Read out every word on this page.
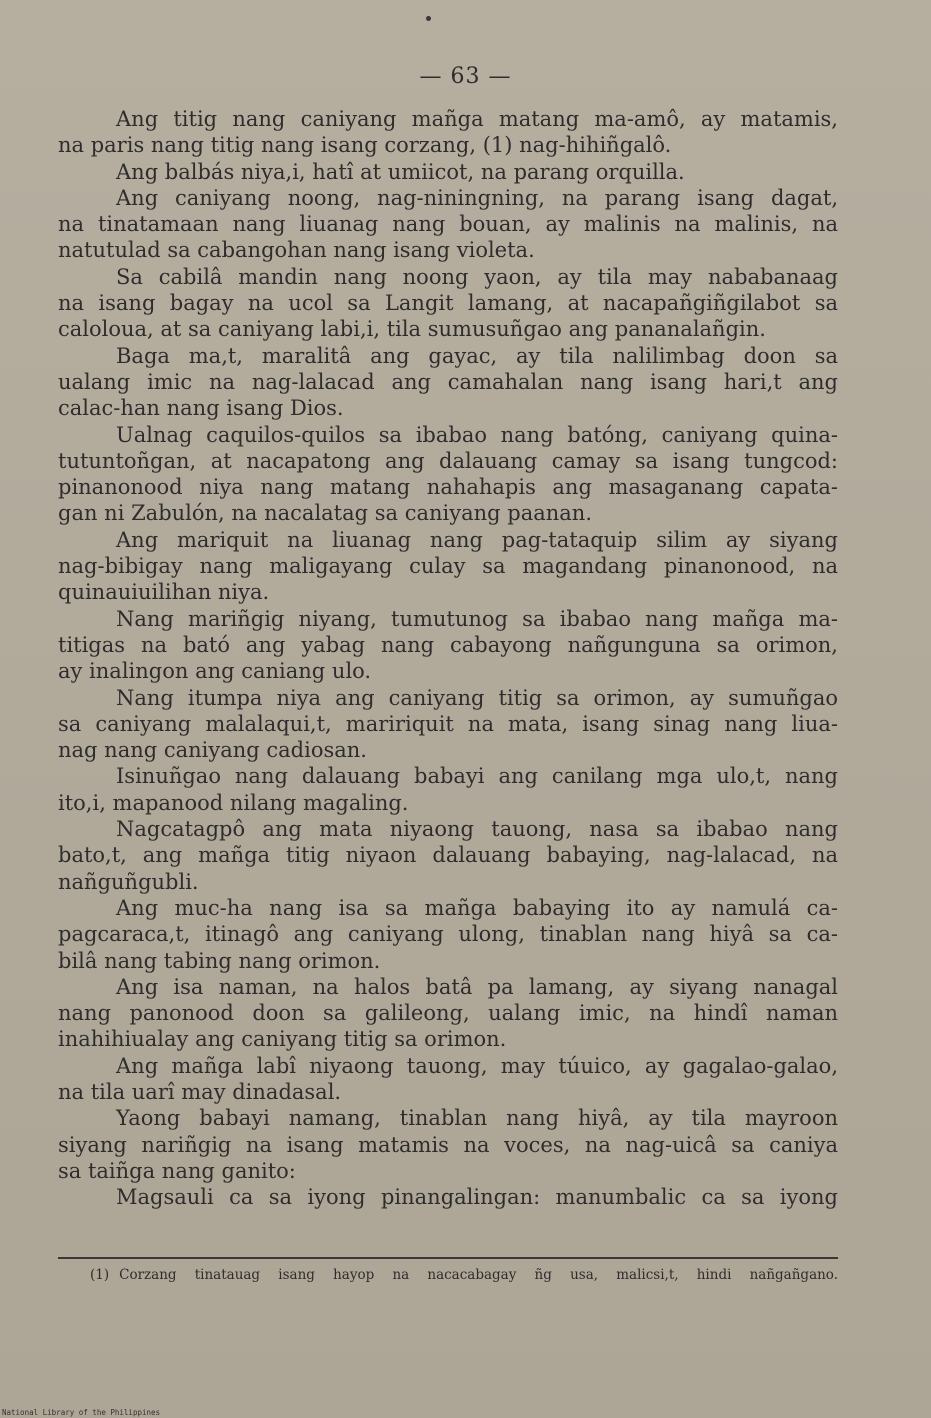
— 63 —
Ang titig nang caniyang mañga matang ma-amô, ay matamis,
na paris nang titig nang isang corzang, (1) nag-hihiñgalô.
Ang balbás niya,i, hatî at umiicot, na parang orquilla.
Ang caniyang noong, nag-niningning, na parang isang dagat,
na tinatamaan nang liuanag nang bouan, ay malinis na malinis, na
natutulad sa cabangohan nang isang violeta.
Sa cabilâ mandin nang noong yaon, ay tila may nababanaag
na isang bagay na ucol sa Langit lamang, at nacapañgiñgilabot sa
caloloua, at sa caniyang labi,i, tila sumusuñgao ang pananalañgin.
Baga ma,t, maralitâ ang gayac, ay tila nalilimbag doon sa
ualang imic na nag-lalacad ang camahalan nang isang hari,t ang
calac-han nang isang Dios.
Ualnag caquilos-quilos sa ibabao nang batóng, caniyang quina-
tutuntoñgan, at nacapatong ang dalauang camay sa isang tungcod:
pinanonood niya nang matang nahahapis ang masaganang capata-
gan ni Zabulón, na nacalatag sa caniyang paanan.
Ang mariquit na liuanag nang pag-tataquip silim ay siyang
nag-bibigay nang maligayang culay sa magandang pinanonood, na
quinauiuilihan niya.
Nang mariñgig niyang, tumutunog sa ibabao nang mañga ma-
titigas na bató ang yabag nang cabayong nañgunguna sa orimon,
ay inalingon ang caniang ulo.
Nang itumpa niya ang caniyang titig sa orimon, ay sumuñgao
sa caniyang malalaqui,t, maririquit na mata, isang sinag nang liua-
nag nang caniyang cadiosan.
Isinuñgao nang dalauang babayi ang canilang mga ulo,t, nang
ito,i, mapanood nilang magaling.
Nagcatagpô ang mata niyaong tauong, nasa sa ibabao nang
bato,t, ang mañga titig niyaon dalauang babaying, nag-lalacad, na
nañguñgubli.
Ang muc-ha nang isa sa mañga babaying ito ay namulá ca-
pagcaraca,t, itinagô ang caniyang ulong, tinablan nang hiyâ sa ca-
bilâ nang tabing nang orimon.
Ang isa naman, na halos batâ pa lamang, ay siyang nanagal
nang panonood doon sa galileong, ualang imic, na hindî naman
inahihiualay ang caniyang titig sa orimon.
Ang mañga labî niyaong tauong, may túuico, ay gagalao-galao,
na tila uarî may dinadasal.
Yaong babayi namang, tinablan nang hiyâ, ay tila mayroon
siyang nariñgig na isang matamis na voces, na nag-uicâ sa caniya
sa taiñga nang ganito:
Magsauli ca sa iyong pinangalingan: manumbalic ca sa iyong
(1) Corzang tinatauag isang hayop na nacacabagay ñg usa, malicsi,t, hindi nañgañgano.
National Library of the Philippines
